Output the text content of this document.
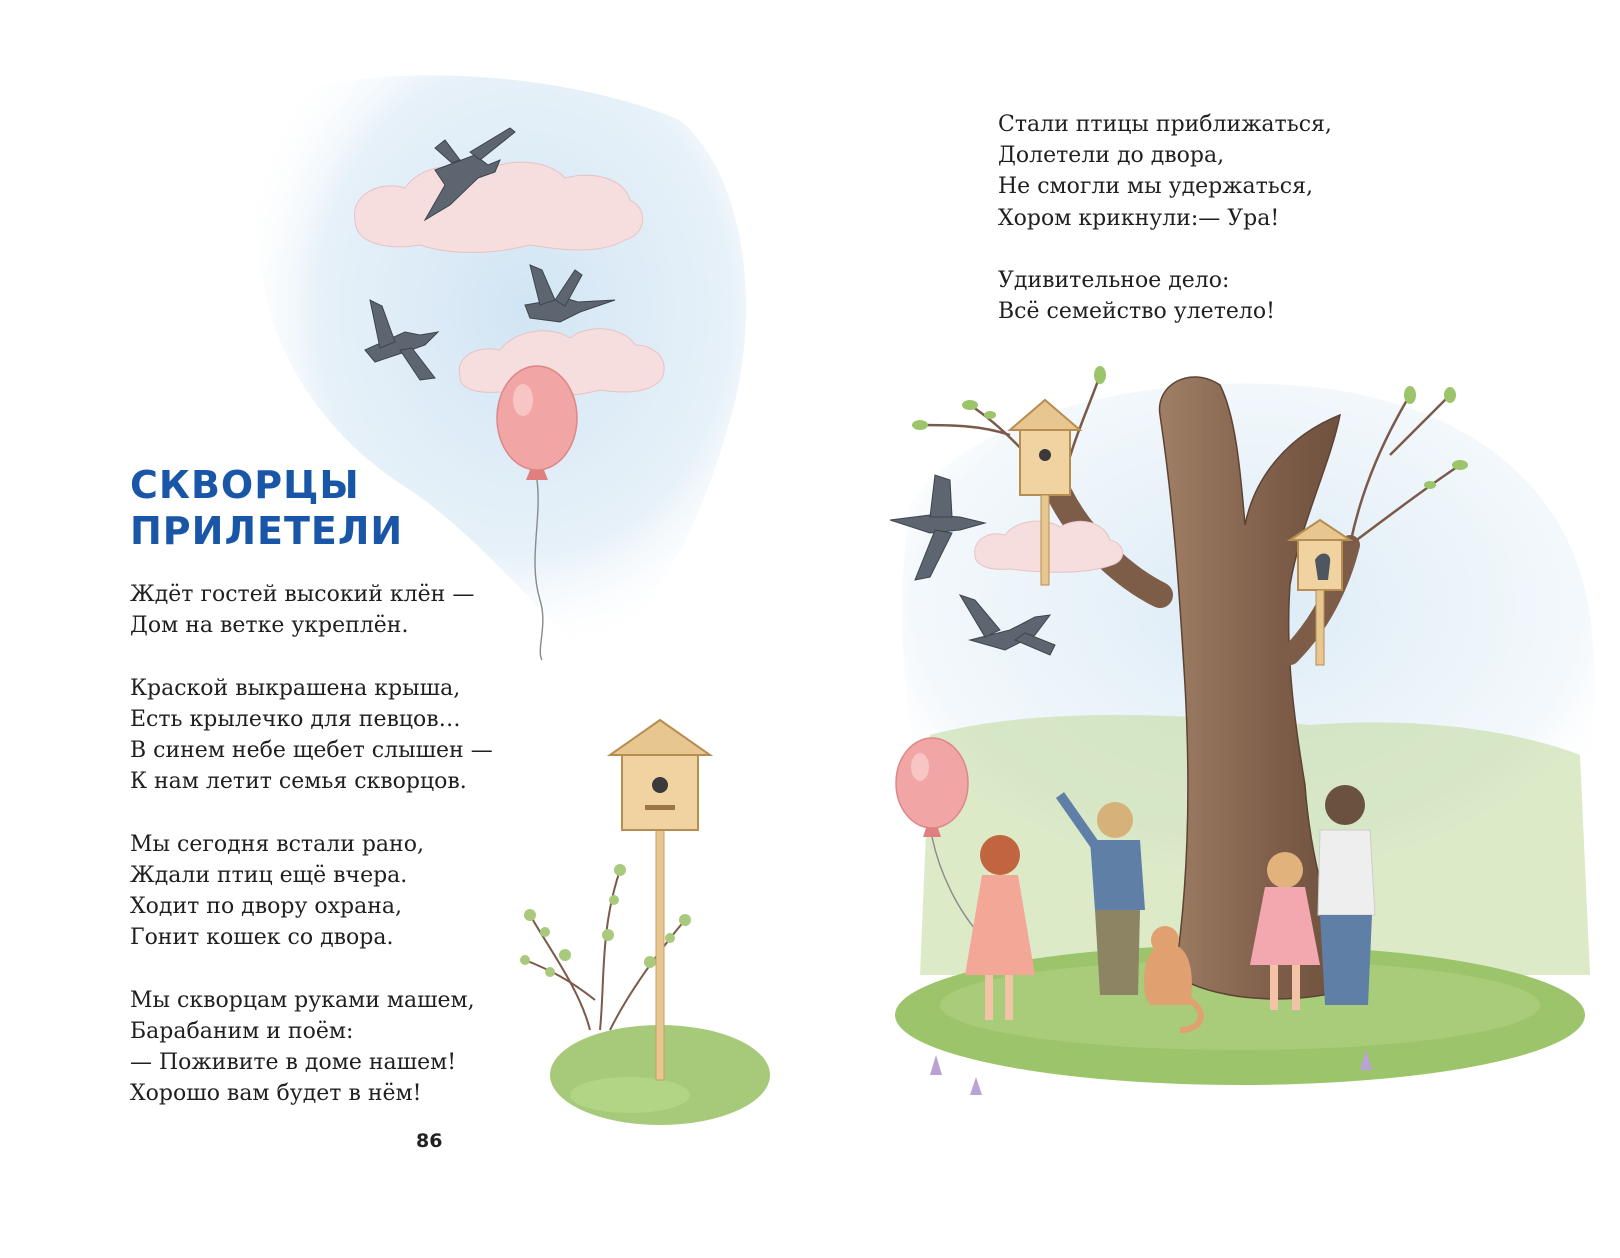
СКВОРЦЫ
ПРИЛЕТЕЛИ

Ждёт гостей высокий клён —
Дом на ветке укреплён.

Краской выкрашена крыша,
Есть крылечко для певцов…
В синем небе щебет слышен —
К нам летит семья скворцов.

Мы сегодня встали рано,
Ждали птиц ещё вчера.
Ходит по двору охрана,
Гонит кошек со двора.

Мы скворцам руками машем,
Барабаним и поём:
— Поживите в доме нашем!
Хорошо вам будет в нём!

86

Стали птицы приближаться,
Долетели до двора,
Не смогли мы удержаться,
Хором крикнули:— Ура!

Удивительное дело:
Всё семейство улетело!
